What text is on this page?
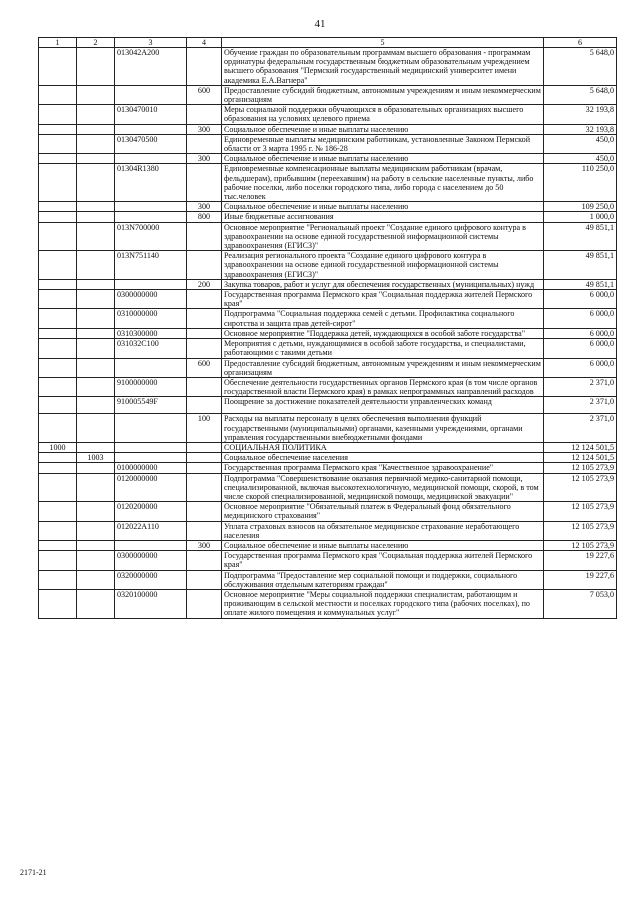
41
1	2	3	4	5	6
		013042А200		Обучение граждан по образовательным программам высшего образования - программам ординатуры федеральным государственным бюджетным образовательным учреждением высшего образования "Пермский государственный медицинский университет имени академика Е.А.Вагнера"	5 648,0
			600	Предоставление субсидий бюджетным, автономным учреждениям и иным некоммерческим организациям	5 648,0
		0130470010		Меры социальной поддержки обучающихся в образовательных организациях высшего образования на условиях целевого приема	32 193,8
			300	Социальное обеспечение и иные выплаты населению	32 193,8
		0130470500		Единовременные выплаты медицинским работникам, установленные Законом Пермской области от 3 марта 1995 г. № 186-28	450,0
			300	Социальное обеспечение и иные выплаты населению	450,0
		01304R1380		Единовременные компенсационные выплаты медицинским работникам (врачам, фельдшерам), прибывшим (переехавшим) на работу в сельские населенные пункты, либо рабочие поселки, либо поселки городского типа, либо города с населением до 50 тыс.человек	110 250,0
			300	Социальное обеспечение и иные выплаты населению	109 250,0
			800	Иные бюджетные ассигнования	1 000,0
		013N700000		Основное мероприятие "Региональный проект "Создание единого цифрового контура в здравоохранении на основе единой государственной информационной системы здравоохранения (ЕГИСЗ)"	49 851,1
		013N751140		Реализация регионального проекта "Создание единого цифрового контура в здравоохранении на основе единой государственной информационной системы здравоохранения (ЕГИСЗ)"	49 851,1
			200	Закупка товаров, работ и услуг для обеспечения государственных (муниципальных) нужд	49 851,1
		0300000000		Государственная программа Пермского края "Социальная поддержка жителей Пермского края"	6 000,0
		0310000000		Подпрограмма "Социальная поддержка семей с детьми. Профилактика социального сиротства и защита прав детей-сирот"	6 000,0
		0310300000		Основное мероприятие "Поддержка детей, нуждающихся в особой заботе государства"	6 000,0
		031032С100		Мероприятия с детьми, нуждающимися в особой заботе государства, и специалистами, работающими с такими детьми	6 000,0
			600	Предоставление субсидий бюджетным, автономным учреждениям и иным некоммерческим организациям	6 000,0
		9100000000		Обеспечение деятельности государственных органов Пермского края (в том числе органов государственной власти Пермского края) в рамках непрограммных направлений расходов	2 371,0
		910005549F		Поощрение за достижение показателей деятельности управленческих команд	2 371,0
			100	Расходы на выплаты персоналу в целях обеспечения выполнения функций государственными (муниципальными) органами, казенными учреждениями, органами управления государственными внебюджетными фондами	2 371,0
1000				СОЦИАЛЬНАЯ ПОЛИТИКА	12 124 501,5
	1003			Социальное обеспечение населения	12 124 501,5
		0100000000		Государственная программа Пермского края "Качественное здравоохранение"	12 105 273,9
		0120000000		Подпрограмма "Совершенствование оказания первичной медико-санитарной помощи, специализированной, включая высокотехнологичную, медицинской помощи, скорой, в том числе скорой специализированной, медицинской помощи, медицинской эвакуации"	12 105 273,9
		0120200000		Основное мероприятие "Обязательный платеж в Федеральный фонд обязательного медицинского страхования"	12 105 273,9
		012022А110		Уплата страховых взносов на обязательное медицинское страхование неработающего населения	12 105 273,9
			300	Социальное обеспечение и иные выплаты населению	12 105 273,9
		0300000000		Государственная программа Пермского края "Социальная поддержка жителей Пермского края"	19 227,6
		0320000000		Подпрограмма "Предоставление мер социальной помощи и поддержки, социального обслуживания отдельным категориям граждан"	19 227,6
		0320100000		Основное мероприятие "Меры социальной поддержки специалистам, работающим и проживающим в сельской местности и поселках городского типа (рабочих поселках), по оплате жилого помещения и коммунальных услуг"	7 053,0
2171-21
